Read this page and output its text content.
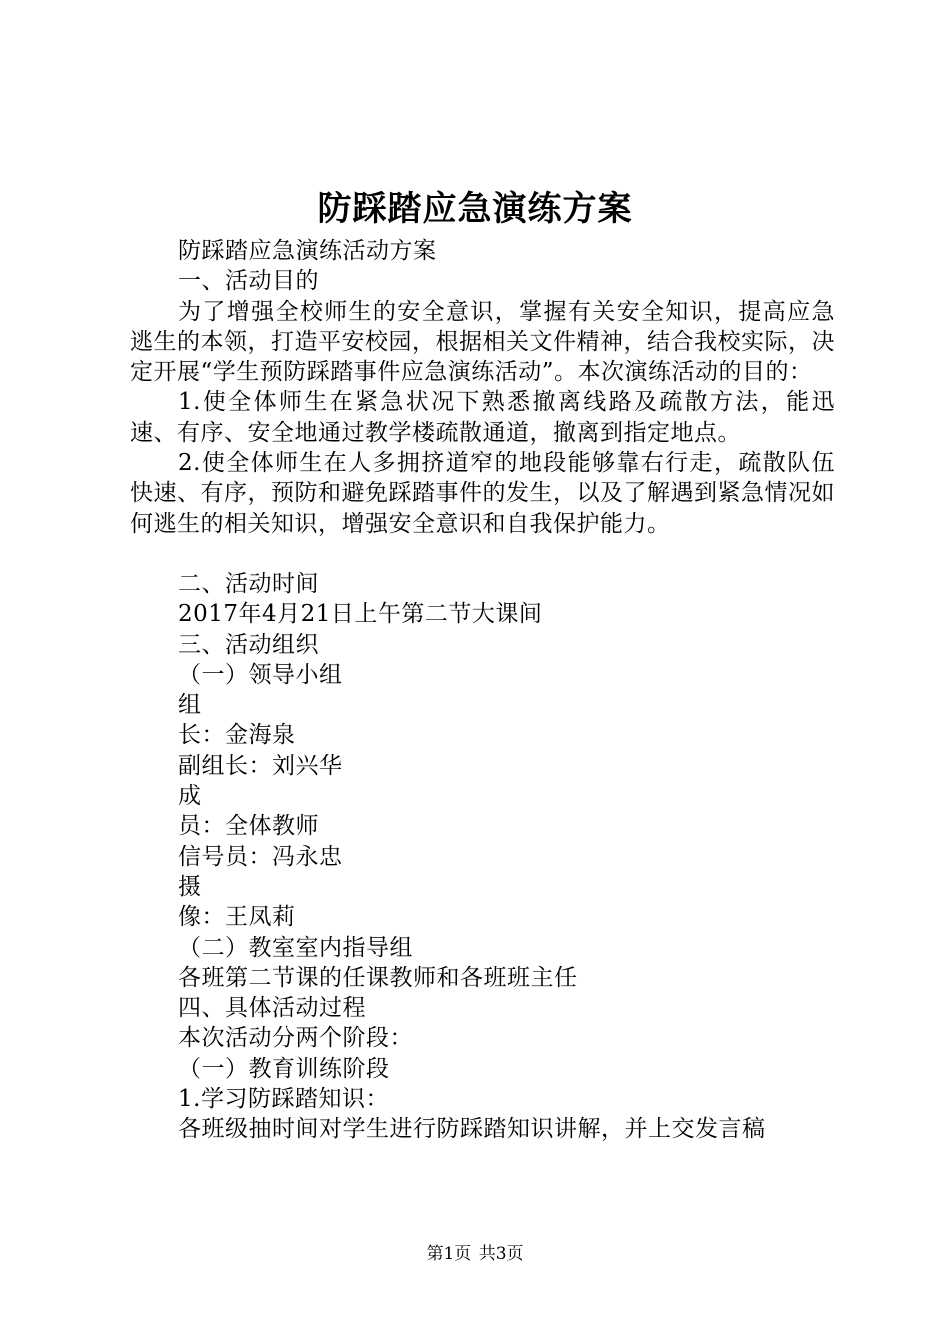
防踩踏应急演练方案

防踩踏应急演练活动方案

一、活动目的

为了增强全校师生的安全意识，掌握有关安全知识，提高应急逃生的本领，打造平安校园，根据相关文件精神，结合我校实际，决定开展“学生预防踩踏事件应急演练活动”。本次演练活动的目的：

1.使全体师生在紧急状况下熟悉撤离线路及疏散方法，能迅速、有序、安全地通过教学楼疏散通道，撤离到指定地点。

2.使全体师生在人多拥挤道窄的地段能够靠右行走，疏散队伍快速、有序，预防和避免踩踏事件的发生，以及了解遇到紧急情况如何逃生的相关知识，增强安全意识和自我保护能力。

二、活动时间

2017年4月21日上午第二节大课间

三、活动组织

（一）领导小组

组

长：金海泉

副组长：刘兴华

成

员：全体教师

信号员：冯永忠

摄

像：王凤莉

（二）教室室内指导组

各班第二节课的任课教师和各班班主任

四、具体活动过程

本次活动分两个阶段：

（一）教育训练阶段

1.学习防踩踏知识：

各班级抽时间对学生进行防踩踏知识讲解，并上交发言稿

第1页 共3页
